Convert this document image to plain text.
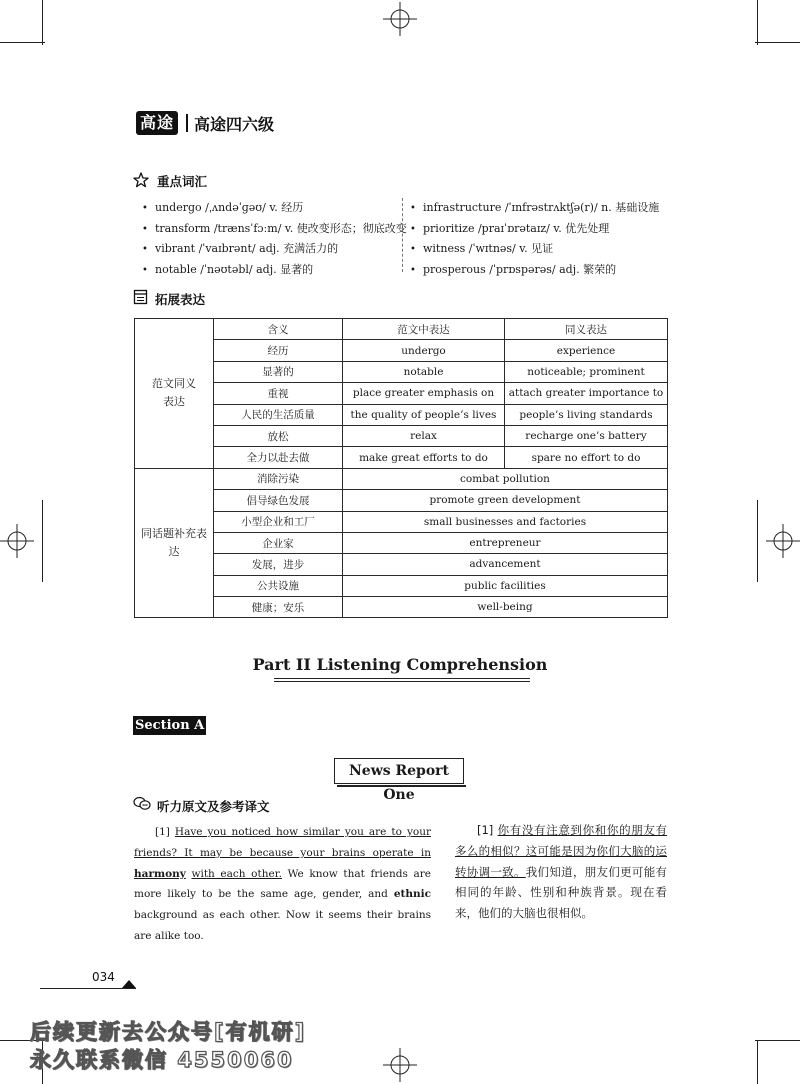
高途 高途四六级
重点词汇
• undergo /ˌʌndəˈɡəʊ/ v. 经历
• transform /trænsˈfɔːm/ v. 使改变形态；彻底改变
• vibrant /ˈvaɪbrənt/ adj. 充满活力的
• notable /ˈnəʊtəbl/ adj. 显著的
• infrastructure /ˈɪnfrəstrʌktʃə(r)/ n. 基础设施
• prioritize /praɪˈɒrətaɪz/ v. 优先处理
• witness /ˈwɪtnəs/ v. 见证
• prosperous /ˈprɒspərəs/ adj. 繁荣的
拓展表达
范文同义表达	含义	范文中表达	同义表达
	经历	undergo	experience
	显著的	notable	noticeable; prominent
	重视	place greater emphasis on	attach greater importance to
	人民的生活质量	the quality of people’s lives	people’s living standards
	放松	relax	recharge one’s battery
	全力以赴去做	make great efforts to do	spare no effort to do

同话题补充表达	消除污染	combat pollution	
	倡导绿色发展	promote green development	
	小型企业和工厂	small businesses and factories	
	企业家	entrepreneur	
	发展，进步	advancement	
	公共设施	public facilities	
	健康；安乐	well-being	
Part II Listening Comprehension
Section A
News Report One
听力原文及参考译文
[1] Have you noticed how similar you are to your friends? It may be because your brains operate in harmony with each other. We know that friends are more likely to be the same age, gender, and ethnic background as each other. Now it seems their brains are alike too.
[1] 你有没有注意到你和你的朋友有多么的相似？这可能是因为你们大脑的运转协调一致。我们知道，朋友们更可能有相同的年龄、性别和种族背景。现在看来，他们的大脑也很相似。
034
后续更新去公众号[有机研]
永久联系微信 4550060
